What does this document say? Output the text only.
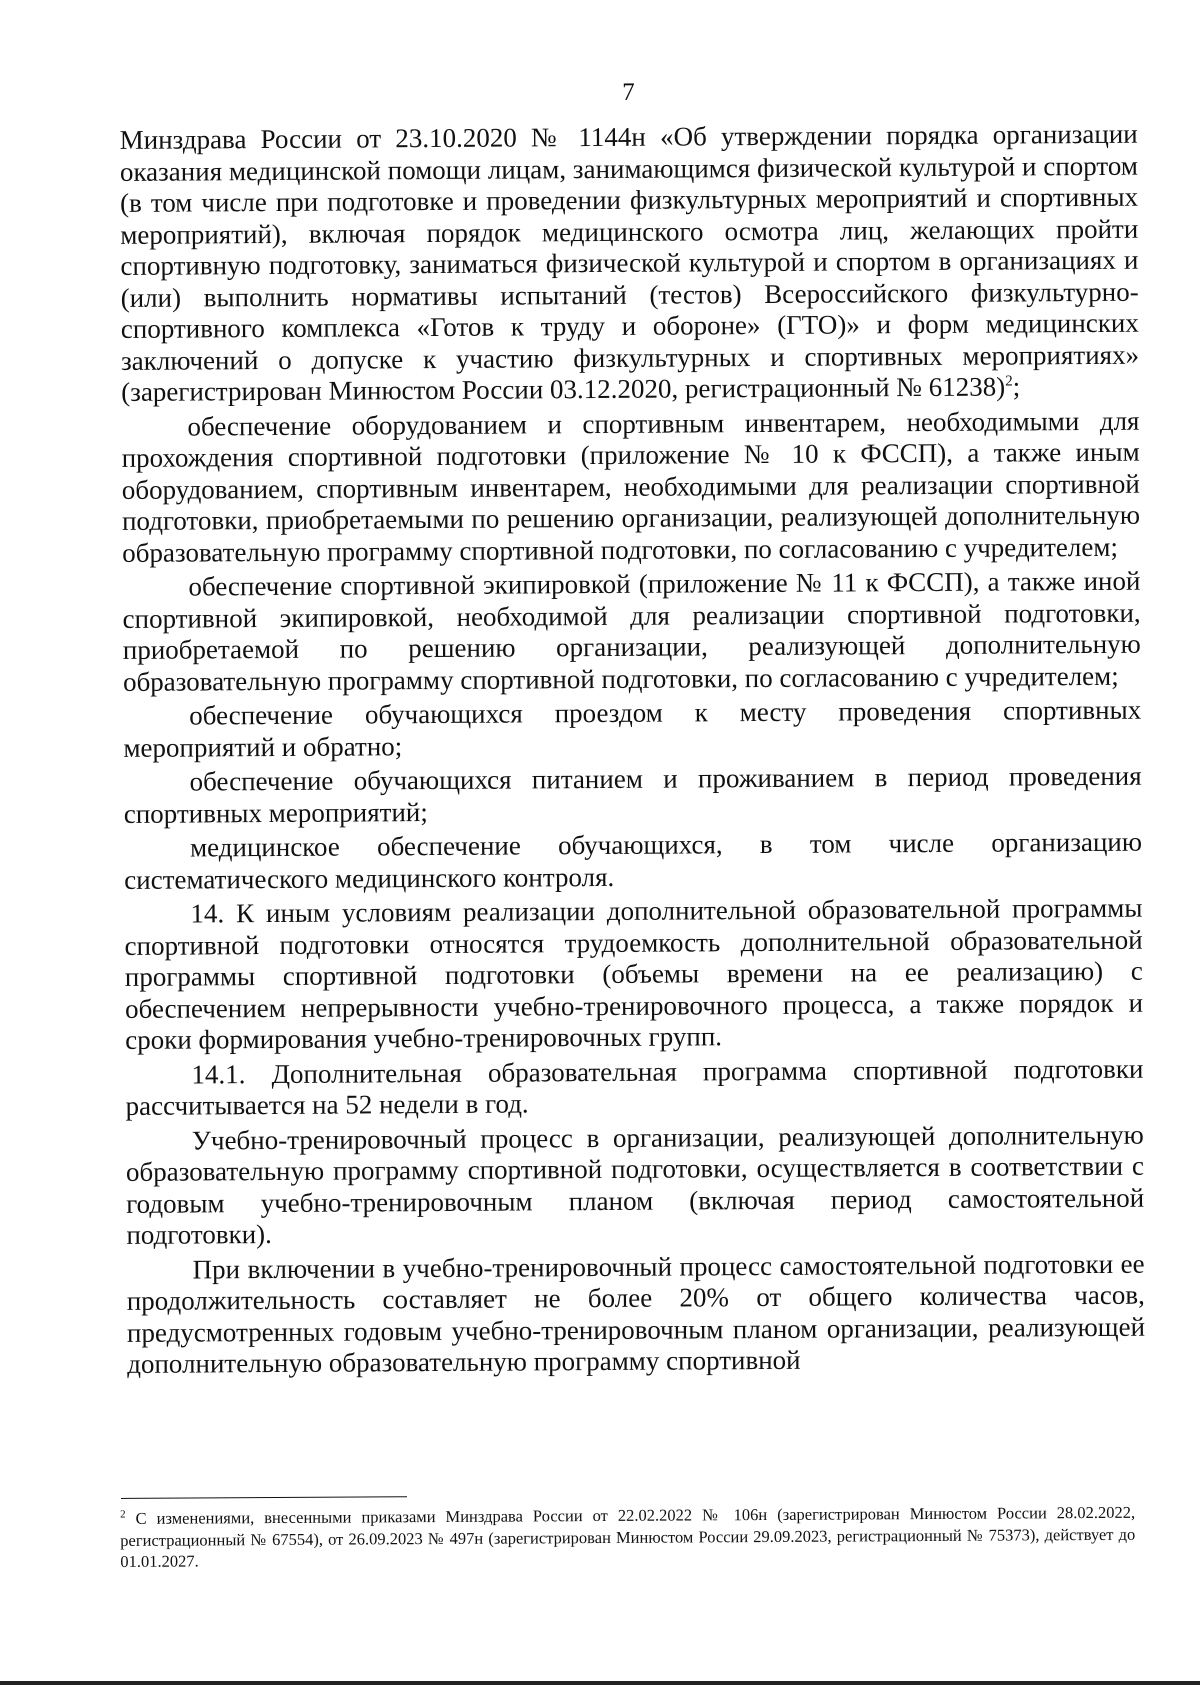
7

Минздрава России от 23.10.2020 № 1144н «Об утверждении порядка организации оказания медицинской помощи лицам, занимающимся физической культурой и спортом (в том числе при подготовке и проведении физкультурных мероприятий и спортивных мероприятий), включая порядок медицинского осмотра лиц, желающих пройти спортивную подготовку, заниматься физической культурой и спортом в организациях и (или) выполнить нормативы испытаний (тестов) Всероссийского физкультурно-спортивного комплекса «Готов к труду и обороне» (ГТО)» и форм медицинских заключений о допуске к участию физкультурных и спортивных мероприятиях» (зарегистрирован Минюстом России 03.12.2020, регистрационный № 61238)$^2$;

обеспечение оборудованием и спортивным инвентарем, необходимыми для прохождения спортивной подготовки (приложение № 10 к ФССП), а также иным оборудованием, спортивным инвентарем, необходимыми для реализации спортивной подготовки, приобретаемыми по решению организации, реализующей дополнительную образовательную программу спортивной подготовки, по согласованию с учредителем;

обеспечение спортивной экипировкой (приложение № 11 к ФССП), а также иной спортивной экипировкой, необходимой для реализации спортивной подготовки, приобретаемой по решению организации, реализующей дополнительную образовательную программу спортивной подготовки, по согласованию с учредителем;

обеспечение обучающихся проездом к месту проведения спортивных мероприятий и обратно;

обеспечение обучающихся питанием и проживанием в период проведения спортивных мероприятий;

медицинское обеспечение обучающихся, в том числе организацию систематического медицинского контроля.

14. К иным условиям реализации дополнительной образовательной программы спортивной подготовки относятся трудоемкость дополнительной образовательной программы спортивной подготовки (объемы времени на ее реализацию) с обеспечением непрерывности учебно-тренировочного процесса, а также порядок и сроки формирования учебно-тренировочных групп.

14.1. Дополнительная образовательная программа спортивной подготовки рассчитывается на 52 недели в год.

Учебно-тренировочный процесс в организации, реализующей дополнительную образовательную программу спортивной подготовки, осуществляется в соответствии с годовым учебно-тренировочным планом (включая период самостоятельной подготовки).

При включении в учебно-тренировочный процесс самостоятельной подготовки ее продолжительность составляет не более 20% от общего количества часов, предусмотренных годовым учебно-тренировочным планом организации, реализующей дополнительную образовательную программу спортивной

$^2$ С изменениями, внесенными приказами Минздрава России от 22.02.2022 № 106н (зарегистрирован Минюстом России 28.02.2022, регистрационный № 67554), от 26.09.2023 № 497н (зарегистрирован Минюстом России 29.09.2023, регистрационный № 75373), действует до 01.01.2027.
